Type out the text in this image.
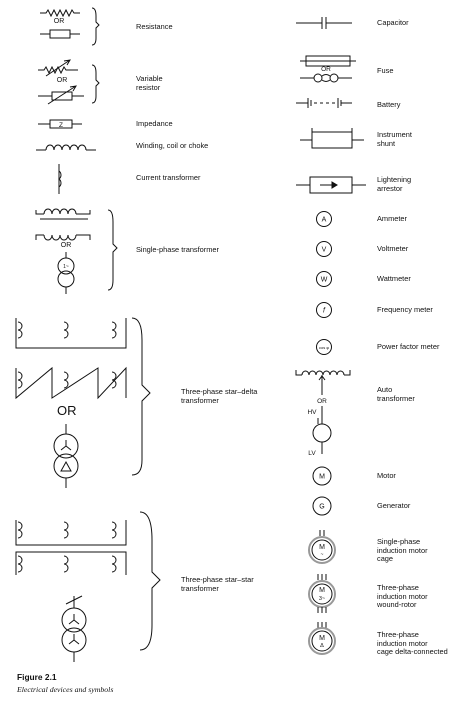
OR
OR
Z
OR
1~
OR
A
V
W
f
cos φ
OR
HV
LV
M
G
M
~
M
3~
M
Δ
OR
Resistance
Variable
resistor
Impedance
Winding, coil or choke
Current transformer
Single-phase transformer
Three-phase star–delta
transformer
Three-phase star–star
transformer
Capacitor
Fuse
Battery
Instrument
shunt
Lightening
arrestor
Ammeter
Voltmeter
Wattmeter
Frequency meter
Power factor meter
Auto
transformer
Motor
Generator
Single-phase
induction motor
cage
Three-phase
induction motor
wound-rotor
Three-phase
induction motor
cage delta-connected
Figure 2.1
Electrical devices and symbols
